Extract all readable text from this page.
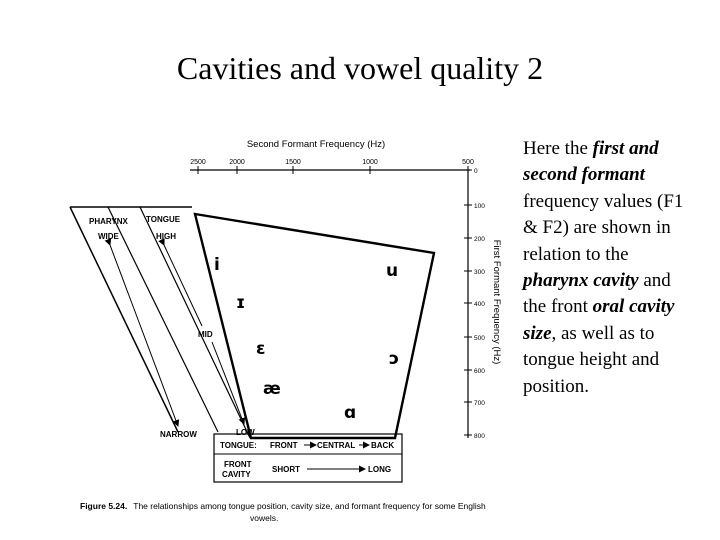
Cavities and vowel quality 2
Second Formant Frequency (Hz)
2500	2000	1500	1000	500
0
100
200
300
400
500
600
700
800
First Formant Frequency (Hz)
PHARYNX TONGUE
WIDE	HIGH
MID
NARROW	LOW
i
ɪ
ɛ
æ
u
ɔ
ɑ
TONGUE: FRONT CENTRAL BACK
FRONT
CAVITY
SHORT	LONG
Figure 5.24. The relationships among tongue position, cavity size, and formant frequency for some English
vowels.
Here the first and second formant frequency values (F1 & F2) are shown in relation to the pharynx cavity and the front oral cavity size, as well as to tongue height and position.
